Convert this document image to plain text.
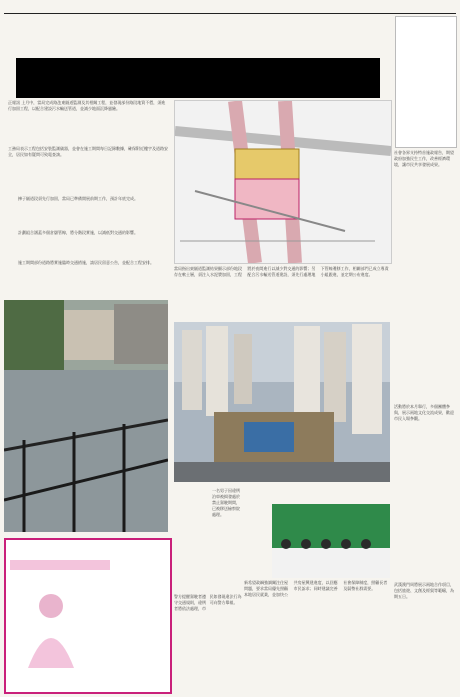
正報訊 上月中，當局完成路氹東隧道監測及其相關工程，並發現部份路段地質不穩，須進行加固工程，以配合建設污水輸送管道，並減少地面沉降風險。
工務局表示工程包括安裝監測儀器，並會在施工期間每日記錄數據，確保附近樓宇及道路安全，居民如有疑問可致電查詢。
揀子隧道段須先行加固，當局已準備開展前期工作，預計年底完成。
計劃組合涵蓋多個倉儲管線，將分階段實施，以減低對交通的影響。
施工期間部份道路將實施臨時交通措施，請居民留意公告，並配合工程安排。
當局指出東隧道監測結果顯示部份地段存在軟土層，須注入水泥漿加固，工程將於夜間進行以減少對交通的影響；另配合污水輸送管道建設，須先行處理地下管線遷移工作，相關部門已成立專責小組跟進，並定期公布進度。
一名男子因違例泊車被揭發處於禁止駕駛期間，已被移送檢察院處理。
新希望政綱強調關注住屋問題，要求當局優先照顧本地居民就業，並加快公共房屋興建進度，以回應市民訴求；同時建議完善社會保障制度，照顧長者及弱勢社群需要。
警方提醒駕駛者遵守交通規則，違例者將依法處理，市民如發現違法行為可向警方舉報。
社會各界支持特首施政報告，期望政府加強民生工作，改善經濟環境，讓市民共享發展成果。
活動將於本月舉行，多個團體參與，展示兩地文化交流成果，歡迎市民入場參觀。
武漢澳門周將展示兩地合作項目，包括旅遊、文創及經貿等範疇，為期五日。
